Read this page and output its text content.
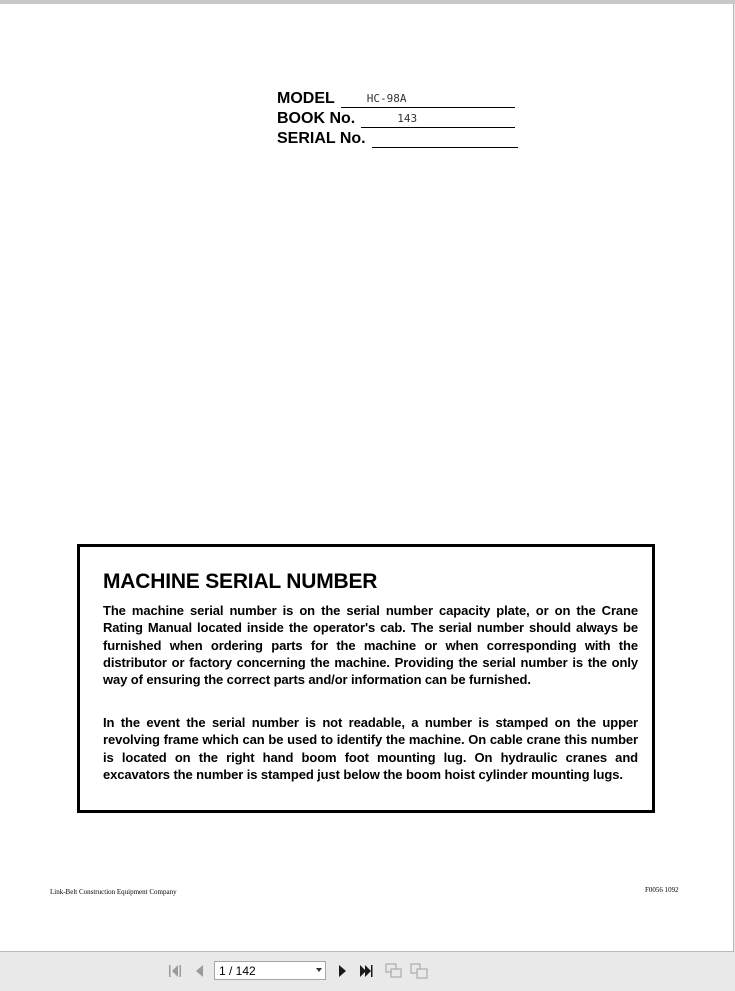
MODEL	HC-98A
BOOK No.	143
SERIAL No.
MACHINE SERIAL NUMBER
The machine serial number is on the serial number capacity plate, or on the Crane Rating Manual located inside the operator's cab. The serial number should always be furnished when ordering parts for the machine or when corresponding with the distributor or factory concerning the machine. Providing the serial number is the only way of ensuring the correct parts and/or information can be furnished.
In the event the serial number is not readable, a number is stamped on the upper revolving frame which can be used to identify the machine. On cable crane this number is located on the right hand boom foot mounting lug. On hydraulic cranes and excavators the number is stamped just below the boom hoist cylinder mounting lugs.
Link-Belt Construction Equipment Company	F0056 1092
1 / 142
